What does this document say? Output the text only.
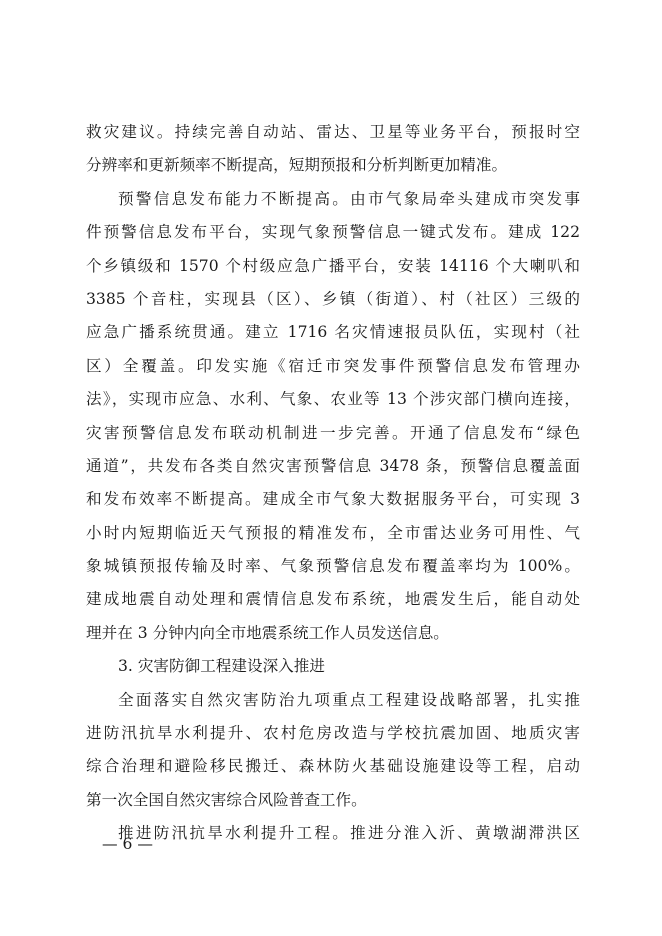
救灾建议。持续完善自动站、雷达、卫星等业务平台，预报时空
分辨率和更新频率不断提高，短期预报和分析判断更加精准。
预警信息发布能力不断提高。由市气象局牵头建成市突发事
件预警信息发布平台，实现气象预警信息一键式发布。建成 122
个乡镇级和 1570 个村级应急广播平台，安装 14116 个大喇叭和
3385 个音柱，实现县（区）、乡镇（街道）、村（社区）三级的
应急广播系统贯通。建立 1716 名灾情速报员队伍，实现村（社
区）全覆盖。印发实施《宿迁市突发事件预警信息发布管理办
法》，实现市应急、水利、气象、农业等 13 个涉灾部门横向连接，
灾害预警信息发布联动机制进一步完善。开通了信息发布“绿色
通道”，共发布各类自然灾害预警信息 3478 条，预警信息覆盖面
和发布效率不断提高。建成全市气象大数据服务平台，可实现 3
小时内短期临近天气预报的精准发布，全市雷达业务可用性、气
象城镇预报传输及时率、气象预警信息发布覆盖率均为 100%。
建成地震自动处理和震情信息发布系统，地震发生后，能自动处
理并在 3 分钟内向全市地震系统工作人员发送信息。
3. 灾害防御工程建设深入推进
全面落实自然灾害防治九项重点工程建设战略部署，扎实推
进防汛抗旱水利提升、农村危房改造与学校抗震加固、地质灾害
综合治理和避险移民搬迁、森林防火基础设施建设等工程，启动
第一次全国自然灾害综合风险普查工作。
推进防汛抗旱水利提升工程。推进分淮入沂、黄墩湖滞洪区
— 6 —
